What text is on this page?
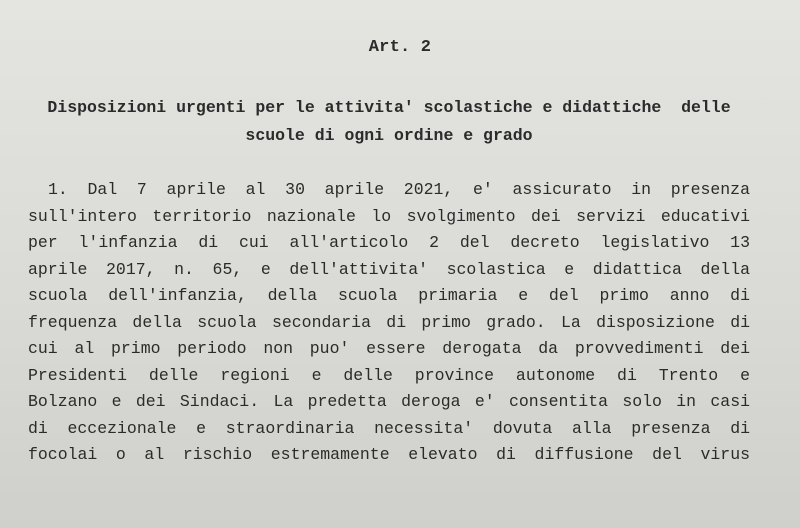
Art. 2
Disposizioni urgenti per le attivita' scolastiche e didattiche  delle
scuole di ogni ordine e grado
1. Dal 7 aprile al 30 aprile 2021, e' assicurato in presenza
sull'intero territorio nazionale lo svolgimento dei servizi educativi
per l'infanzia di cui all'articolo 2 del decreto legislativo 13
aprile 2017, n. 65, e dell'attivita' scolastica e didattica della
scuola dell'infanzia, della scuola primaria e del primo anno di
frequenza della scuola secondaria di primo grado. La disposizione di
cui al primo periodo non puo' essere derogata da provvedimenti dei
Presidenti delle regioni e delle province autonome di Trento e
Bolzano e dei Sindaci. La predetta deroga e' consentita solo in casi
di eccezionale e straordinaria necessita' dovuta alla presenza di
focolai o al rischio estremamente elevato di diffusione del virus
